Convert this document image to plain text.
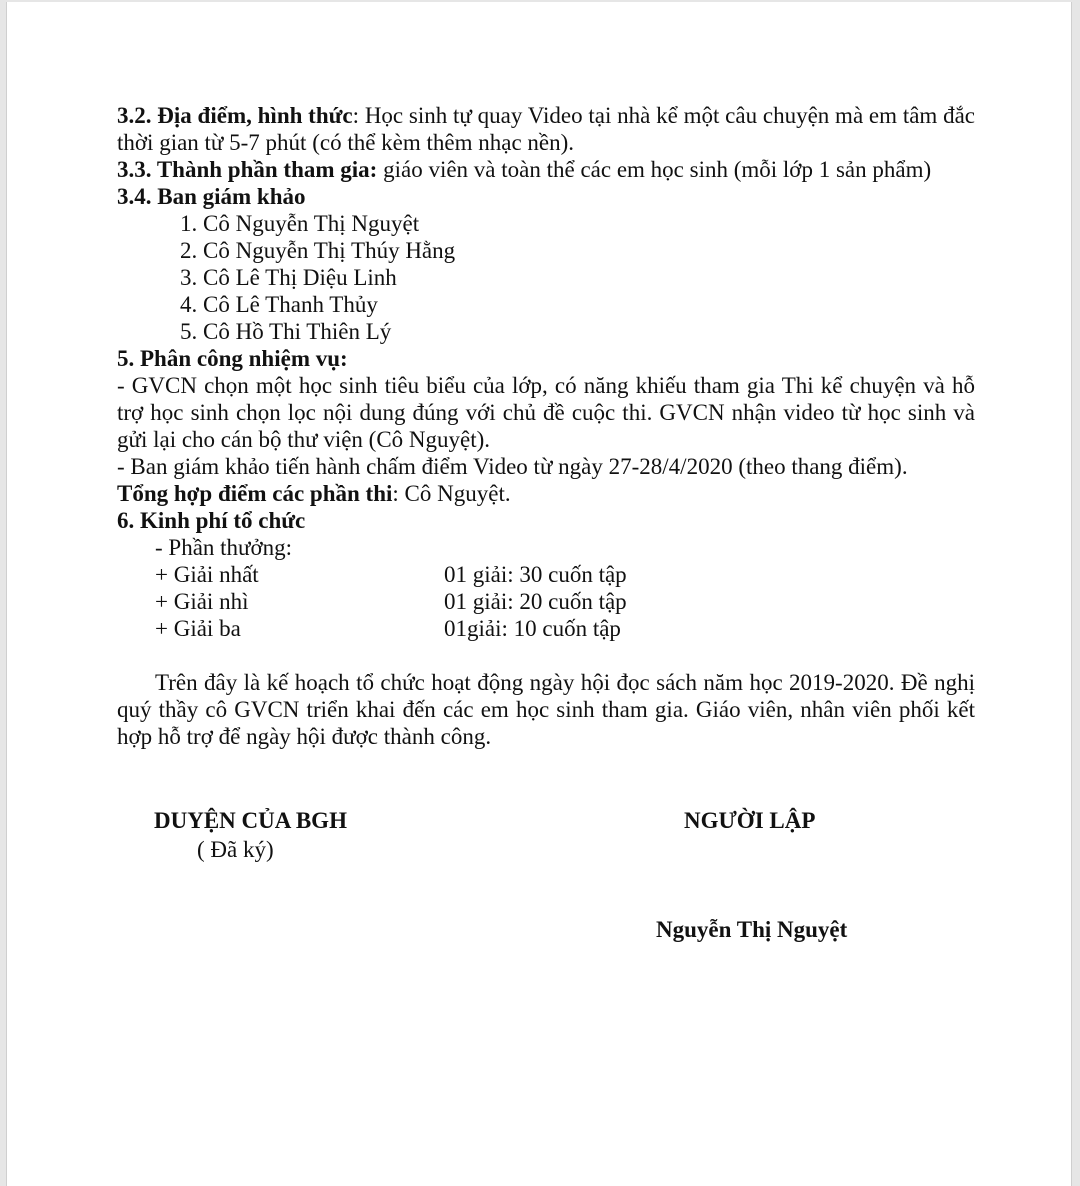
3.2. Địa điểm, hình thức: Học sinh tự quay Video tại nhà kể một câu chuyện mà em tâm đắc thời gian từ 5-7 phút (có thể kèm thêm nhạc nền).

3.3. Thành phần tham gia: giáo viên và toàn thể các em học sinh (mỗi lớp 1 sản phẩm)

3.4. Ban giám khảo

1. Cô Nguyễn Thị Nguyệt

2. Cô Nguyễn Thị Thúy Hằng

3. Cô Lê Thị Diệu Linh

4. Cô Lê Thanh Thủy

5. Cô Hồ Thi Thiên Lý

5. Phân công nhiệm vụ:

- GVCN chọn một học sinh tiêu biểu của lớp, có năng khiếu tham gia Thi kể chuyện và hỗ trợ học sinh chọn lọc nội dung đúng với chủ đề cuộc thi. GVCN nhận video từ học sinh và gửi lại cho cán bộ thư viện (Cô Nguyệt).

- Ban giám khảo tiến hành chấm điểm Video từ ngày 27-28/4/2020 (theo thang điểm).

Tổng hợp điểm các phần thi: Cô Nguyệt.

6. Kinh phí tổ chức

- Phần thưởng:

+ Giải nhất	01 giải: 30 cuốn tập
+ Giải nhì	01 giải: 20 cuốn tập
+ Giải ba	01giải: 10 cuốn tập

Trên đây là kế hoạch tổ chức hoạt động ngày hội đọc sách năm học 2019-2020. Đề nghị quý thầy cô GVCN triển khai đến các em học sinh tham gia. Giáo viên, nhân viên phối kết hợp hỗ trợ để ngày hội được thành công.

DUYỆN CỦA BGH
( Đã ký)
NGƯỜI LẬP
Nguyễn Thị Nguyệt
